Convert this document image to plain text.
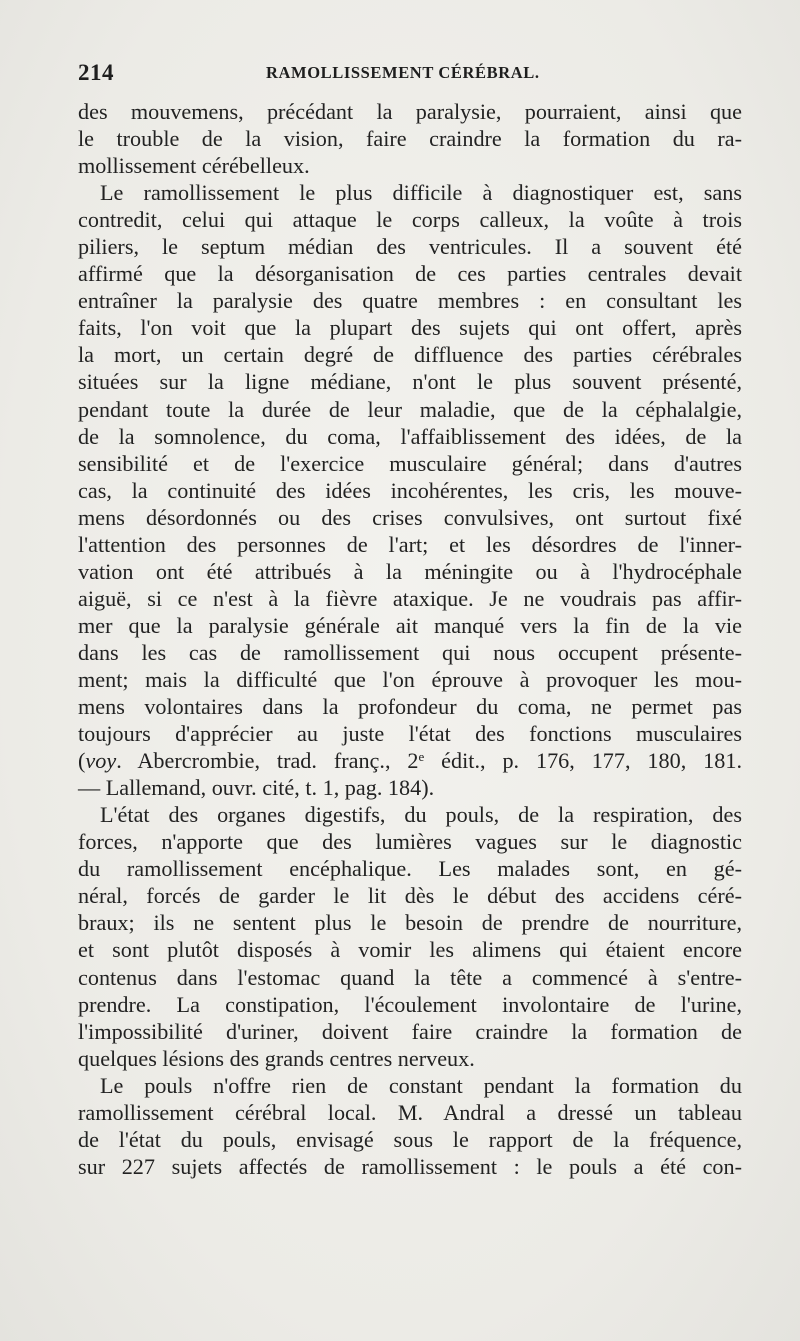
214	RAMOLLISSEMENT CÉRÉBRAL.
des mouvemens, précédant la paralysie, pourraient, ainsi que
le trouble de la vision, faire craindre la formation du ra-
mollissement cérébelleux.
Le ramollissement le plus difficile à diagnostiquer est, sans
contredit, celui qui attaque le corps calleux, la voûte à trois
piliers, le septum médian des ventricules. Il a souvent été
affirmé que la désorganisation de ces parties centrales devait
entraîner la paralysie des quatre membres : en consultant les
faits, l'on voit que la plupart des sujets qui ont offert, après
la mort, un certain degré de diffluence des parties cérébrales
situées sur la ligne médiane, n'ont le plus souvent présenté,
pendant toute la durée de leur maladie, que de la céphalalgie,
de la somnolence, du coma, l'affaiblissement des idées, de la
sensibilité et de l'exercice musculaire général; dans d'autres
cas, la continuité des idées incohérentes, les cris, les mouve-
mens désordonnés ou des crises convulsives, ont surtout fixé
l'attention des personnes de l'art; et les désordres de l'inner-
vation ont été attribués à la méningite ou à l'hydrocéphale
aiguë, si ce n'est à la fièvre ataxique. Je ne voudrais pas affir-
mer que la paralysie générale ait manqué vers la fin de la vie
dans les cas de ramollissement qui nous occupent présente-
ment; mais la difficulté que l'on éprouve à provoquer les mou-
mens volontaires dans la profondeur du coma, ne permet pas
toujours d'apprécier au juste l'état des fonctions musculaires
(voy. Abercrombie, trad. franç., 2e édit., p. 176, 177, 180, 181.
— Lallemand, ouvr. cité, t. 1, pag. 184).
L'état des organes digestifs, du pouls, de la respiration, des
forces, n'apporte que des lumières vagues sur le diagnostic
du ramollissement encéphalique. Les malades sont, en gé-
néral, forcés de garder le lit dès le début des accidens céré-
braux; ils ne sentent plus le besoin de prendre de nourriture,
et sont plutôt disposés à vomir les alimens qui étaient encore
contenus dans l'estomac quand la tête a commencé à s'entre-
prendre. La constipation, l'écoulement involontaire de l'urine,
l'impossibilité d'uriner, doivent faire craindre la formation de
quelques lésions des grands centres nerveux.
Le pouls n'offre rien de constant pendant la formation du
ramollissement cérébral local. M. Andral a dressé un tableau
de l'état du pouls, envisagé sous le rapport de la fréquence,
sur 227 sujets affectés de ramollissement : le pouls a été con-
